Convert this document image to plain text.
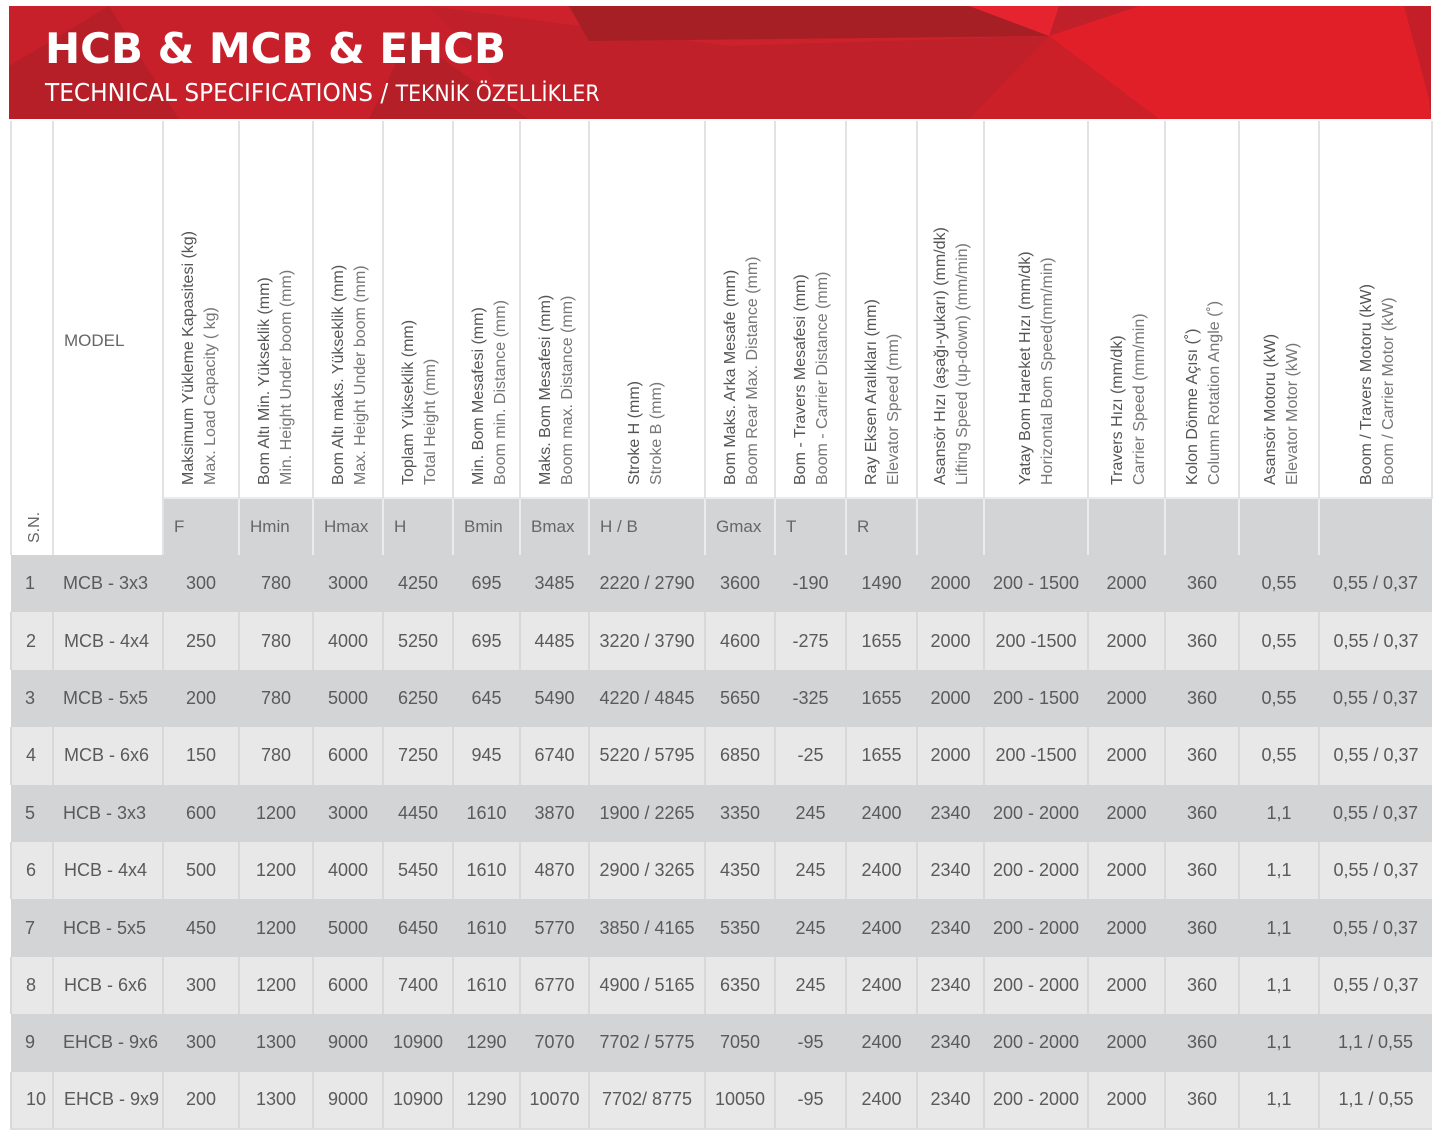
HCB & MCB & EHCB
TECHNICAL SPECIFICATIONS / TEKNİK ÖZELLİKLER
S.N.	MODEL	Maksimum Yükleme Kapasitesi (kg) Max. Load Capacity ( kg)	Bom Altı Min. Yükseklik (mm) Min. Height Under boom (mm)	Bom Altı maks. Yükseklik (mm) Max. Height Under boom (mm)	Toplam Yükseklik (mm) Total Height (mm)	Min. Bom Mesafesi (mm) Boom min. Distance (mm)	Maks. Bom Mesafesi (mm) Boom max. Distance (mm)	Stroke H (mm) Stroke B (mm)	Bom Maks. Arka Mesafe (mm) Boom Rear Max. Distance (mm)	Bom - Travers Mesafesi (mm) Boom - Carrier Distance (mm)	Ray Eksen Aralıkları (mm) Elevator Speed (mm)	Asansör Hızı (aşağı-yukarı) (mm/dk) Lifting Speed (up-down) (mm/min)	Yatay Bom Hareket Hızı (mm/dk) Horizontal Bom Speed(mm/min)	Travers Hızı (mm/dk) Carrier Speed (mm/min)	Kolon Dönme Açısı (˚) Column Rotation Angle (˚)	Asansör Motoru (kW) Elevator Motor (kW)	Boom / Travers Motoru (kW) Boom / Carrier Motor (kW)

		F	Hmin	Hmax	H	Bmin	Bmax	H / B	Gmax	T	R						
1	MCB - 3x3	300	780	3000	4250	695	3485	2220 / 2790	3600	-190	1490	2000	200 - 1500	2000	360	0,55	0,55 / 0,37
2	MCB - 4x4	250	780	4000	5250	695	4485	3220 / 3790	4600	-275	1655	2000	200 -1500	2000	360	0,55	0,55 / 0,37
3	MCB - 5x5	200	780	5000	6250	645	5490	4220 / 4845	5650	-325	1655	2000	200 - 1500	2000	360	0,55	0,55 / 0,37
4	MCB - 6x6	150	780	6000	7250	945	6740	5220 / 5795	6850	-25	1655	2000	200 -1500	2000	360	0,55	0,55 / 0,37
5	HCB - 3x3	600	1200	3000	4450	1610	3870	1900 / 2265	3350	245	2400	2340	200 - 2000	2000	360	1,1	0,55 / 0,37
6	HCB - 4x4	500	1200	4000	5450	1610	4870	2900 / 3265	4350	245	2400	2340	200 - 2000	2000	360	1,1	0,55 / 0,37
7	HCB - 5x5	450	1200	5000	6450	1610	5770	3850 / 4165	5350	245	2400	2340	200 - 2000	2000	360	1,1	0,55 / 0,37
8	HCB - 6x6	300	1200	6000	7400	1610	6770	4900 / 5165	6350	245	2400	2340	200 - 2000	2000	360	1,1	0,55 / 0,37
9	EHCB - 9x6	300	1300	9000	10900	1290	7070	7702 / 5775	7050	-95	2400	2340	200 - 2000	2000	360	1,1	1,1 / 0,55
10	EHCB - 9x9	200	1300	9000	10900	1290	10070	7702/ 8775	10050	-95	2400	2340	200 - 2000	2000	360	1,1	1,1 / 0,55
